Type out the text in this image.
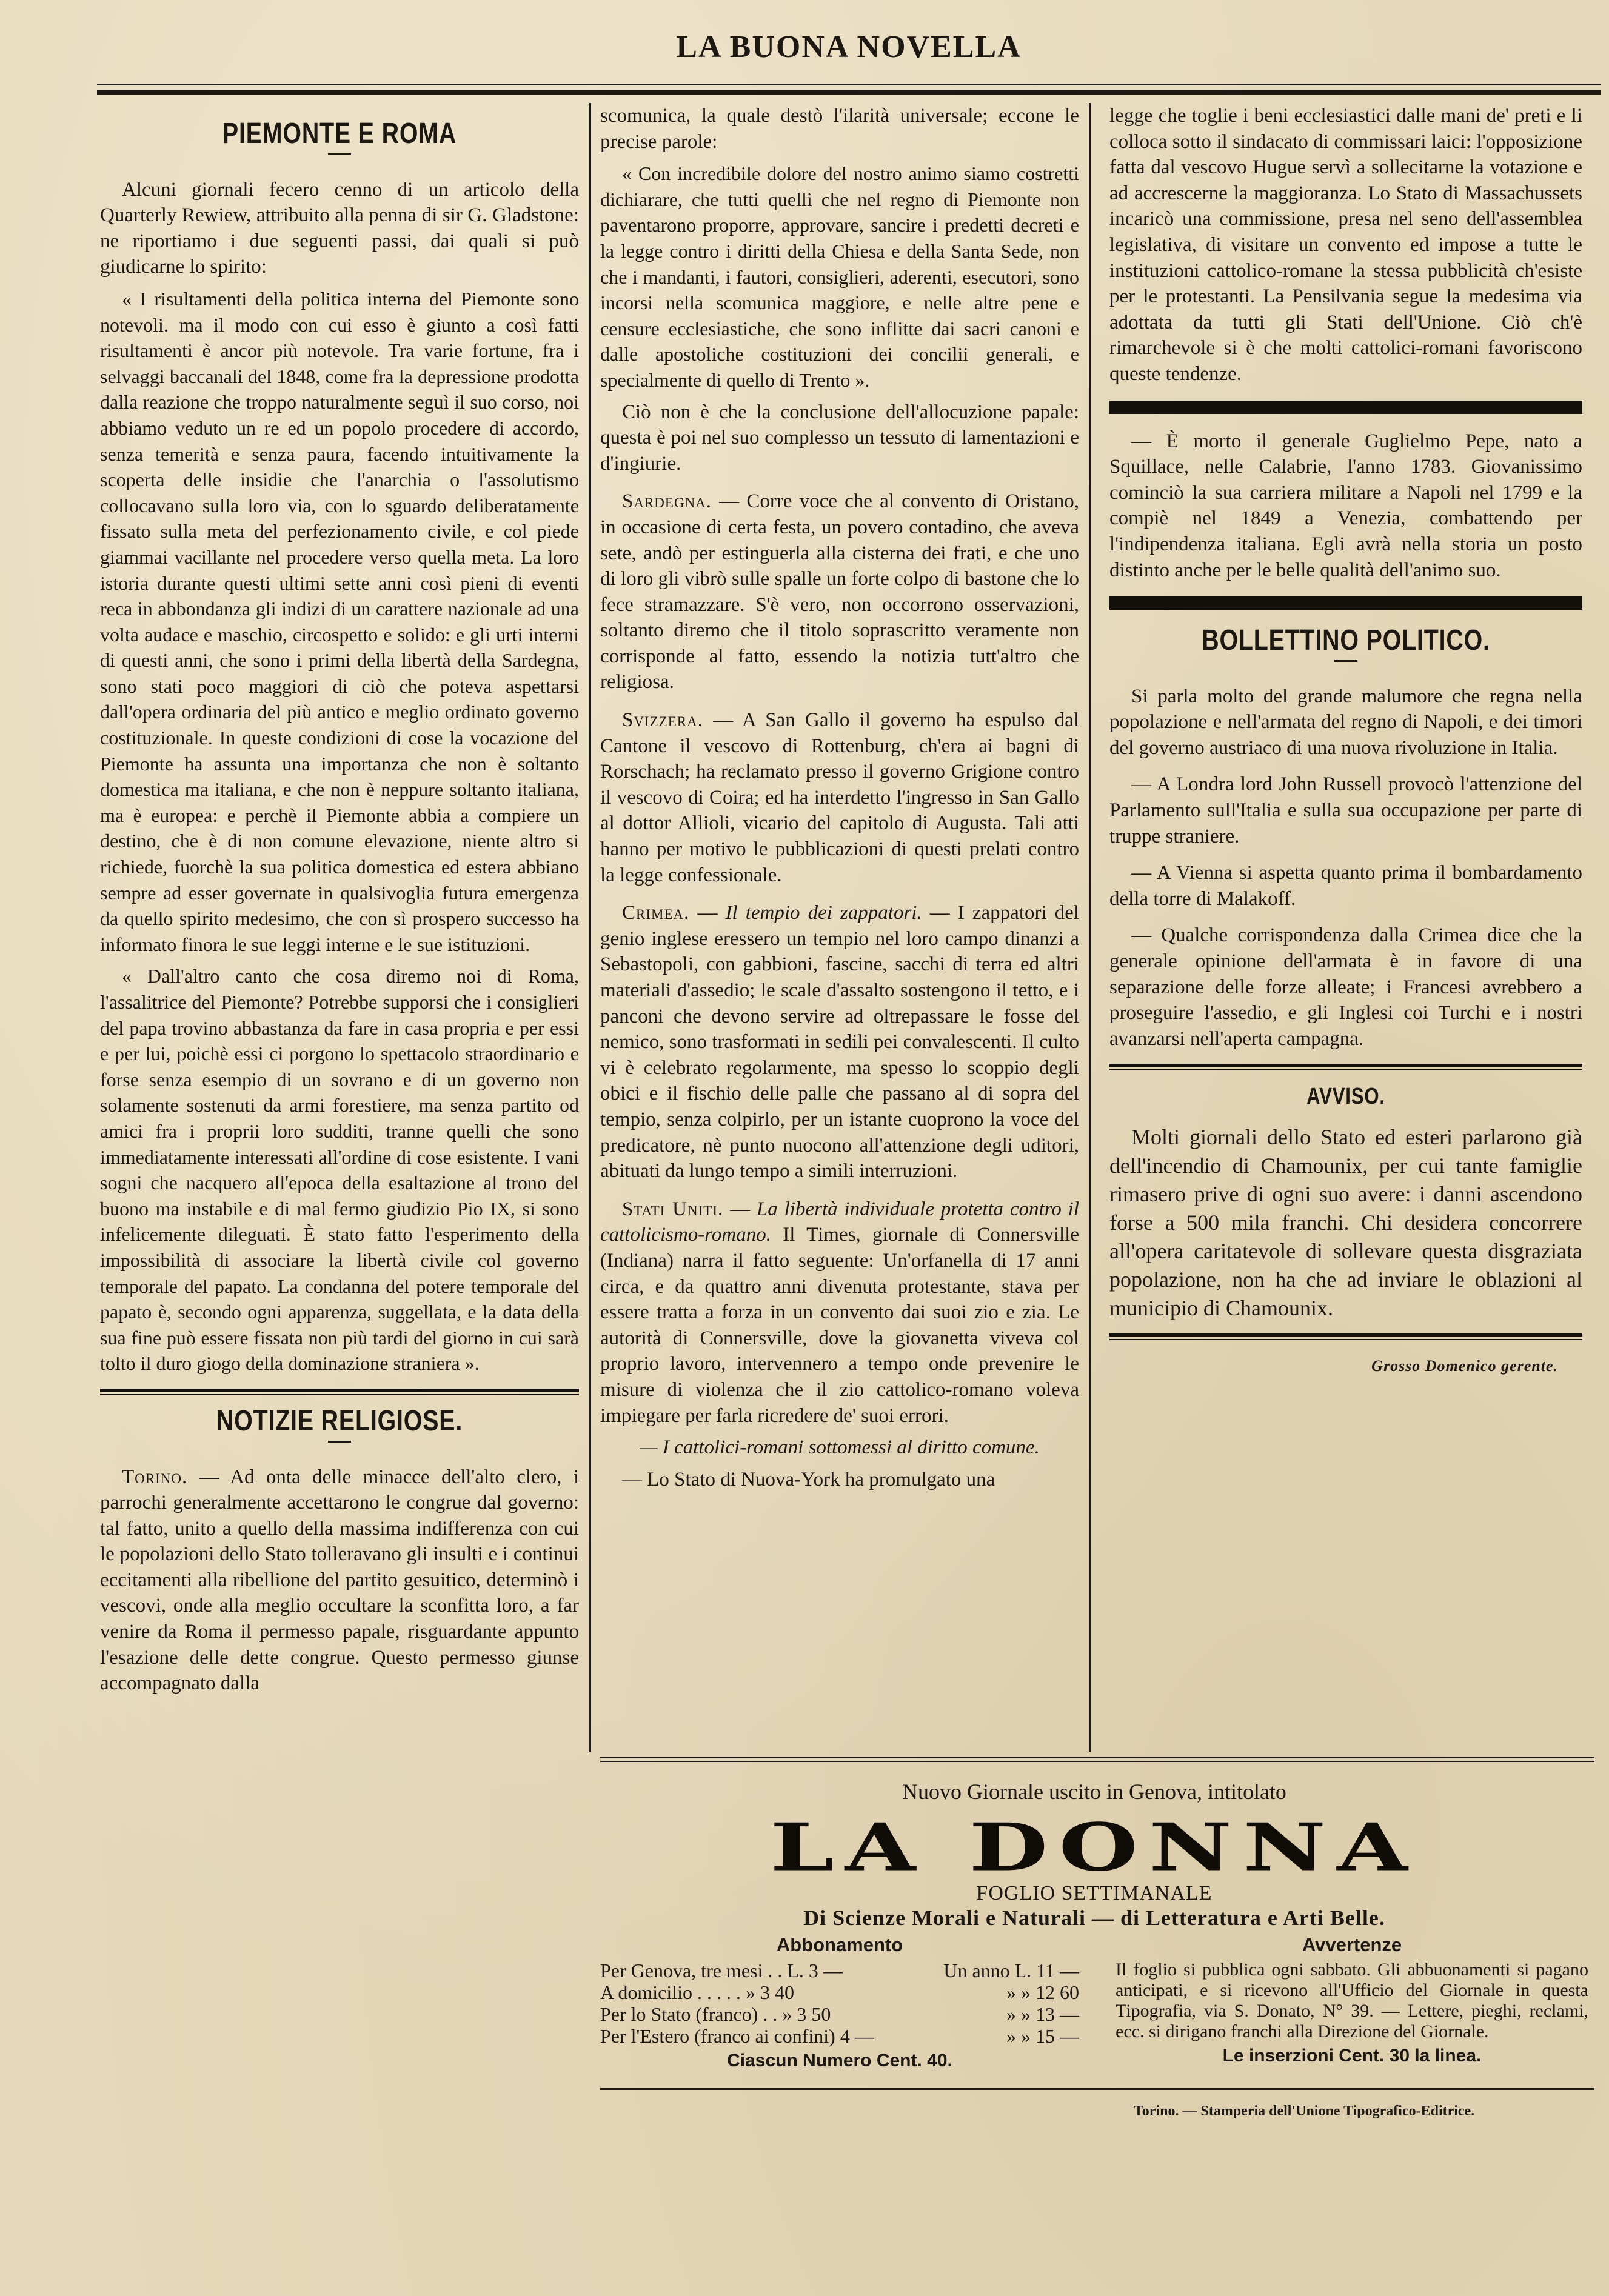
LA BUONA NOVELLA
PIEMONTE E ROMA

Alcuni giornali fecero cenno di un articolo della Quarterly Rewiew, attribuito alla penna di sir G. Gladstone: ne riportiamo i due seguenti passi, dai quali si può giudicarne lo spirito:

« I risultamenti della politica interna del Piemonte sono notevoli. ma il modo con cui esso è giunto a così fatti risultamenti è ancor più notevole. Tra varie fortune, fra i selvaggi baccanali del 1848, come fra la depressione prodotta dalla reazione che troppo naturalmente seguì il suo corso, noi abbiamo veduto un re ed un popolo procedere di accordo, senza temerità e senza paura, facendo intuitivamente la scoperta delle insidie che l'anarchia o l'assolutismo collocavano sulla loro via, con lo sguardo deliberatamente fissato sulla meta del perfezionamento civile, e col piede giammai vacillante nel procedere verso quella meta. La loro istoria durante questi ultimi sette anni così pieni di eventi reca in abbondanza gli indizi di un carattere nazionale ad una volta audace e maschio, circospetto e solido: e gli urti interni di questi anni, che sono i primi della libertà della Sardegna, sono stati poco maggiori di ciò che poteva aspettarsi dall'opera ordinaria del più antico e meglio ordinato governo costituzionale. In queste condizioni di cose la vocazione del Piemonte ha assunta una importanza che non è soltanto domestica ma italiana, e che non è neppure soltanto italiana, ma è europea: e perchè il Piemonte abbia a compiere un destino, che è di non comune elevazione, niente altro si richiede, fuorchè la sua politica domestica ed estera abbiano sempre ad esser governate in qualsivoglia futura emergenza da quello spirito medesimo, che con sì prospero successo ha informato finora le sue leggi interne e le sue istituzioni.

« Dall'altro canto che cosa diremo noi di Roma, l'assalitrice del Piemonte? Potrebbe supporsi che i consiglieri del papa trovino abbastanza da fare in casa propria e per essi e per lui, poichè essi ci porgono lo spettacolo straordinario e forse senza esempio di un sovrano e di un governo non solamente sostenuti da armi forestiere, ma senza partito od amici fra i proprii loro sudditi, tranne quelli che sono immediatamente interessati all'ordine di cose esistente. I vani sogni che nacquero all'epoca della esaltazione al trono del buono ma instabile e di mal fermo giudizio Pio IX, si sono infelicemente dileguati. È stato fatto l'esperimento della impossibilità di associare la libertà civile col governo temporale del papato. La condanna del potere temporale del papato è, secondo ogni apparenza, suggellata, e la data della sua fine può essere fissata non più tardi del giorno in cui sarà tolto il duro giogo della dominazione straniera ».

NOTIZIE RELIGIOSE.

Torino. — Ad onta delle minacce dell'alto clero, i parrochi generalmente accettarono le congrue dal governo: tal fatto, unito a quello della massima indifferenza con cui le popolazioni dello Stato tolleravano gli insulti e i continui eccitamenti alla ribellione del partito gesuitico, determinò i vescovi, onde alla meglio occultare la sconfitta loro, a far venire da Roma il permesso papale, risguardante appunto l'esazione delle dette congrue. Questo permesso giunse accompagnato dalla

scomunica, la quale destò l'ilarità universale; eccone le precise parole:

« Con incredibile dolore del nostro animo siamo costretti dichiarare, che tutti quelli che nel regno di Piemonte non paventarono proporre, approvare, sancire i predetti decreti e la legge contro i diritti della Chiesa e della Santa Sede, non che i mandanti, i fautori, consiglieri, aderenti, esecutori, sono incorsi nella scomunica maggiore, e nelle altre pene e censure ecclesiastiche, che sono inflitte dai sacri canoni e dalle apostoliche costituzioni dei concilii generali, e specialmente di quello di Trento ».

Ciò non è che la conclusione dell'allocuzione papale: questa è poi nel suo complesso un tessuto di lamentazioni e d'ingiurie.

Sardegna. — Corre voce che al convento di Oristano, in occasione di certa festa, un povero contadino, che aveva sete, andò per estinguerla alla cisterna dei frati, e che uno di loro gli vibrò sulle spalle un forte colpo di bastone che lo fece stramazzare. S'è vero, non occorrono osservazioni, soltanto diremo che il titolo soprascritto veramente non corrisponde al fatto, essendo la notizia tutt'altro che religiosa.

Svizzera. — A San Gallo il governo ha espulso dal Cantone il vescovo di Rottenburg, ch'era ai bagni di Rorschach; ha reclamato presso il governo Grigione contro il vescovo di Coira; ed ha interdetto l'ingresso in San Gallo al dottor Allioli, vicario del capitolo di Augusta. Tali atti hanno per motivo le pubblicazioni di questi prelati contro la legge confessionale.

Crimea. — Il tempio dei zappatori. — I zappatori del genio inglese eressero un tempio nel loro campo dinanzi a Sebastopoli, con gabbioni, fascine, sacchi di terra ed altri materiali d'assedio; le scale d'assalto sostengono il tetto, e i panconi che devono servire ad oltrepassare le fosse del nemico, sono trasformati in sedili pei convalescenti. Il culto vi è celebrato regolarmente, ma spesso lo scoppio degli obici e il fischio delle palle che passano al di sopra del tempio, senza colpirlo, per un istante cuoprono la voce del predicatore, nè punto nuocono all'attenzione degli uditori, abituati da lungo tempo a simili interruzioni.

Stati Uniti. — La libertà individuale protetta contro il cattolicismo-romano. Il Times, giornale di Connersville (Indiana) narra il fatto seguente: Un'orfanella di 17 anni circa, e da quattro anni divenuta protestante, stava per essere tratta a forza in un convento dai suoi zio e zia. Le autorità di Connersville, dove la giovanetta viveva col proprio lavoro, intervennero a tempo onde prevenire le misure di violenza che il zio cattolico-romano voleva impiegare per farla ricredere de' suoi errori.

— I cattolici-romani sottomessi al diritto comune.

— Lo Stato di Nuova-York ha promulgato una

legge che toglie i beni ecclesiastici dalle mani de' preti e li colloca sotto il sindacato di commissari laici: l'opposizione fatta dal vescovo Hugue servì a sollecitarne la votazione e ad accrescerne la maggioranza. Lo Stato di Massachussets incaricò una commissione, presa nel seno dell'assemblea legislativa, di visitare un convento ed impose a tutte le instituzioni cattolico-romane la stessa pubblicità ch'esiste per le protestanti. La Pensilvania segue la medesima via adottata da tutti gli Stati dell'Unione. Ciò ch'è rimarchevole si è che molti cattolici-romani favoriscono queste tendenze.

— È morto il generale Guglielmo Pepe, nato a Squillace, nelle Calabrie, l'anno 1783. Giovanissimo cominciò la sua carriera militare a Napoli nel 1799 e la compiè nel 1849 a Venezia, combattendo per l'indipendenza italiana. Egli avrà nella storia un posto distinto anche per le belle qualità dell'animo suo.

BOLLETTINO POLITICO.

Si parla molto del grande malumore che regna nella popolazione e nell'armata del regno di Napoli, e dei timori del governo austriaco di una nuova rivoluzione in Italia.

— A Londra lord John Russell provocò l'attenzione del Parlamento sull'Italia e sulla sua occupazione per parte di truppe straniere.

— A Vienna si aspetta quanto prima il bombardamento della torre di Malakoff.

— Qualche corrispondenza dalla Crimea dice che la generale opinione dell'armata è in favore di una separazione delle forze alleate; i Francesi avrebbero a proseguire l'assedio, e gli Inglesi coi Turchi e i nostri avanzarsi nell'aperta campagna.

AVVISO.

Molti giornali dello Stato ed esteri parlarono già dell'incendio di Chamounix, per cui tante famiglie rimasero prive di ogni suo avere: i danni ascendono forse a 500 mila franchi. Chi desidera concorrere all'opera caritatevole di sollevare questa disgraziata popolazione, non ha che ad inviare le oblazioni al municipio di Chamounix.

Grosso Domenico gerente.
Nuovo Giornale uscito in Genova, intitolato
LA DONNA
FOGLIO SETTIMANALE
Di Scienze Morali e Naturali — di Letteratura e Arti Belle.
Abbonamento
Per Genova, tre mesi . . L. 3 —	Un anno L. 11 —
A domicilio . . . . . » 3 40	» » 12 60
Per lo Stato (franco) . . » 3 50	» » 13 —
Per l'Estero (franco ai confini) 4 —	» » 15 —
Ciascun Numero Cent. 40.
Avvertenze

Il foglio si pubblica ogni sabbato. Gli abbuonamenti si pagano anticipati, e si ricevono all'Ufficio del Giornale in questa Tipografia, via S. Donato, N° 39. — Lettere, pieghi, reclami, ecc. si dirigano franchi alla Direzione del Giornale.

Le inserzioni Cent. 30 la linea.
Torino. — Stamperia dell'Unione Tipografico-Editrice.
